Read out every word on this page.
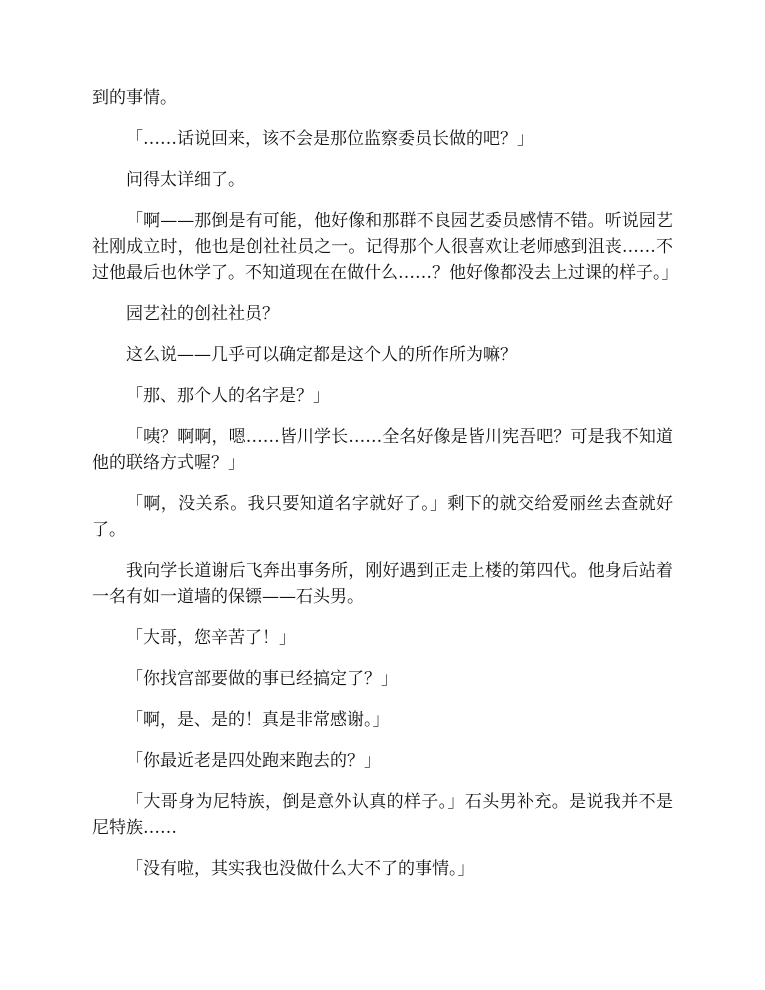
到的事情。

「……话说回来，该不会是那位监察委员长做的吧？」

问得太详细了。

「啊——那倒是有可能，他好像和那群不良园艺委员感情不错。听说园艺社刚成立时，他也是创社社员之一。记得那个人很喜欢让老师感到沮丧……不过他最后也休学了。不知道现在在做什么……？他好像都没去上过课的样子。」

园艺社的创社社员？

这么说——几乎可以确定都是这个人的所作所为嘛？

「那、那个人的名字是？」

「咦？啊啊，嗯……皆川学长……全名好像是皆川宪吾吧？可是我不知道他的联络方式喔？」

「啊，没关系。我只要知道名字就好了。」剩下的就交给爱丽丝去查就好了。

我向学长道谢后飞奔出事务所，刚好遇到正走上楼的第四代。他身后站着一名有如一道墙的保镖——石头男。

「大哥，您辛苦了！」

「你找宫部要做的事已经搞定了？」

「啊，是、是的！真是非常感谢。」

「你最近老是四处跑来跑去的？」

「大哥身为尼特族，倒是意外认真的样子。」石头男补充。是说我并不是尼特族……

「没有啦，其实我也没做什么大不了的事情。」
